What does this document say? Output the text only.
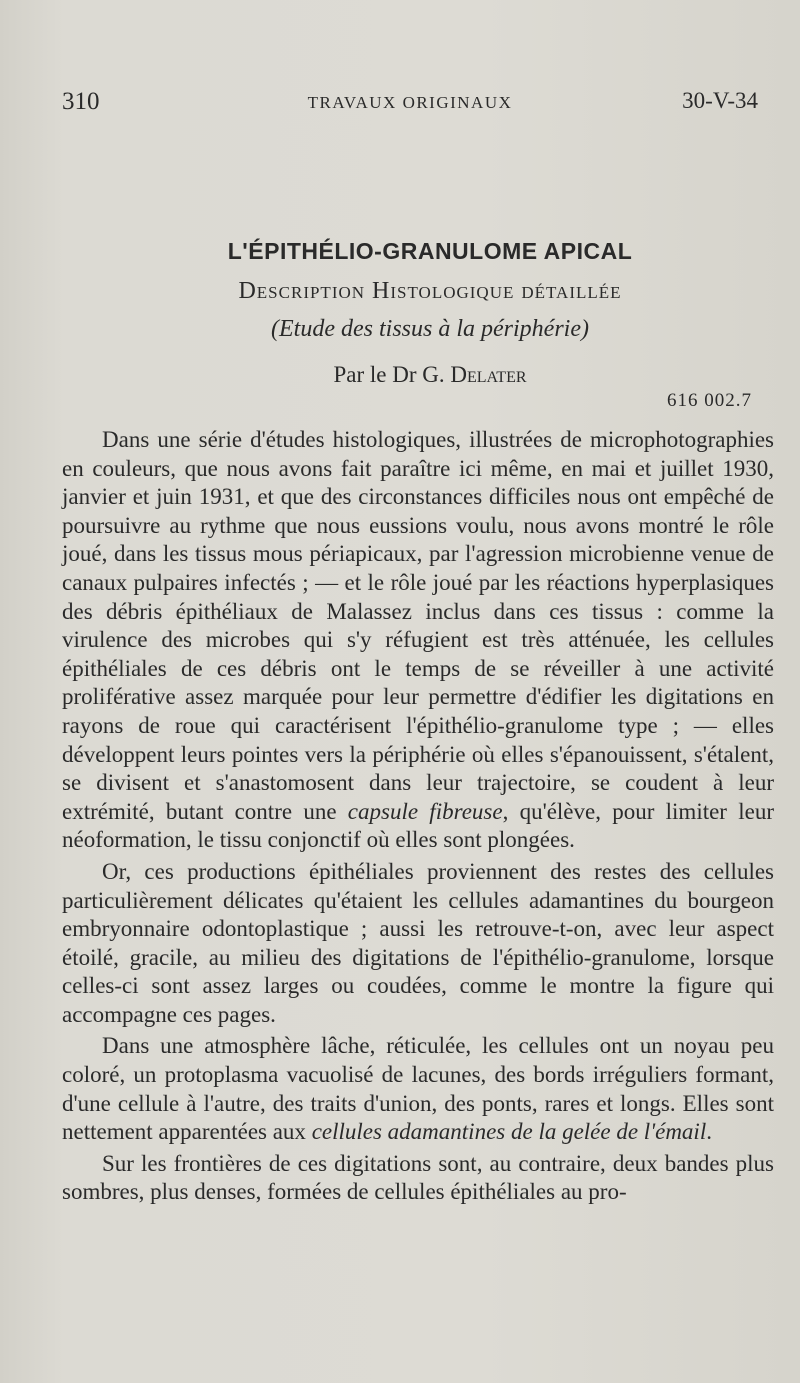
310	TRAVAUX ORIGINAUX	30-V-34
L'ÉPITHÉLIO-GRANULOME APICAL
Description Histologique détaillée
(Etude des tissus à la périphérie)
Par le Dr G. Delater
616 002.7

Dans une série d'études histologiques, illustrées de microphotographies en couleurs, que nous avons fait paraître ici même, en mai et juillet 1930, janvier et juin 1931, et que des circonstances difficiles nous ont empêché de poursuivre au rythme que nous eussions voulu, nous avons montré le rôle joué, dans les tissus mous périapicaux, par l'agression microbienne venue de canaux pulpaires infectés ; — et le rôle joué par les réactions hyperplasiques des débris épithéliaux de Malassez inclus dans ces tissus : comme la virulence des microbes qui s'y réfugient est très atténuée, les cellules épithéliales de ces débris ont le temps de se réveiller à une activité proliférative assez marquée pour leur permettre d'édifier les digitations en rayons de roue qui caractérisent l'épithélio-granulome type ; — elles développent leurs pointes vers la périphérie où elles s'épanouissent, s'étalent, se divisent et s'anastomosent dans leur trajectoire, se coudent à leur extrémité, butant contre une capsule fibreuse, qu'élève, pour limiter leur néoformation, le tissu conjonctif où elles sont plongées.

Or, ces productions épithéliales proviennent des restes des cellules particulièrement délicates qu'étaient les cellules adamantines du bourgeon embryonnaire odontoplastique ; aussi les retrouve-t-on, avec leur aspect étoilé, gracile, au milieu des digitations de l'épithélio-granulome, lorsque celles-ci sont assez larges ou coudées, comme le montre la figure qui accompagne ces pages.

Dans une atmosphère lâche, réticulée, les cellules ont un noyau peu coloré, un protoplasma vacuolisé de lacunes, des bords irréguliers formant, d'une cellule à l'autre, des traits d'union, des ponts, rares et longs. Elles sont nettement apparentées aux cellules adamantines de la gelée de l'émail.

Sur les frontières de ces digitations sont, au contraire, deux bandes plus sombres, plus denses, formées de cellules épithéliales au pro-
